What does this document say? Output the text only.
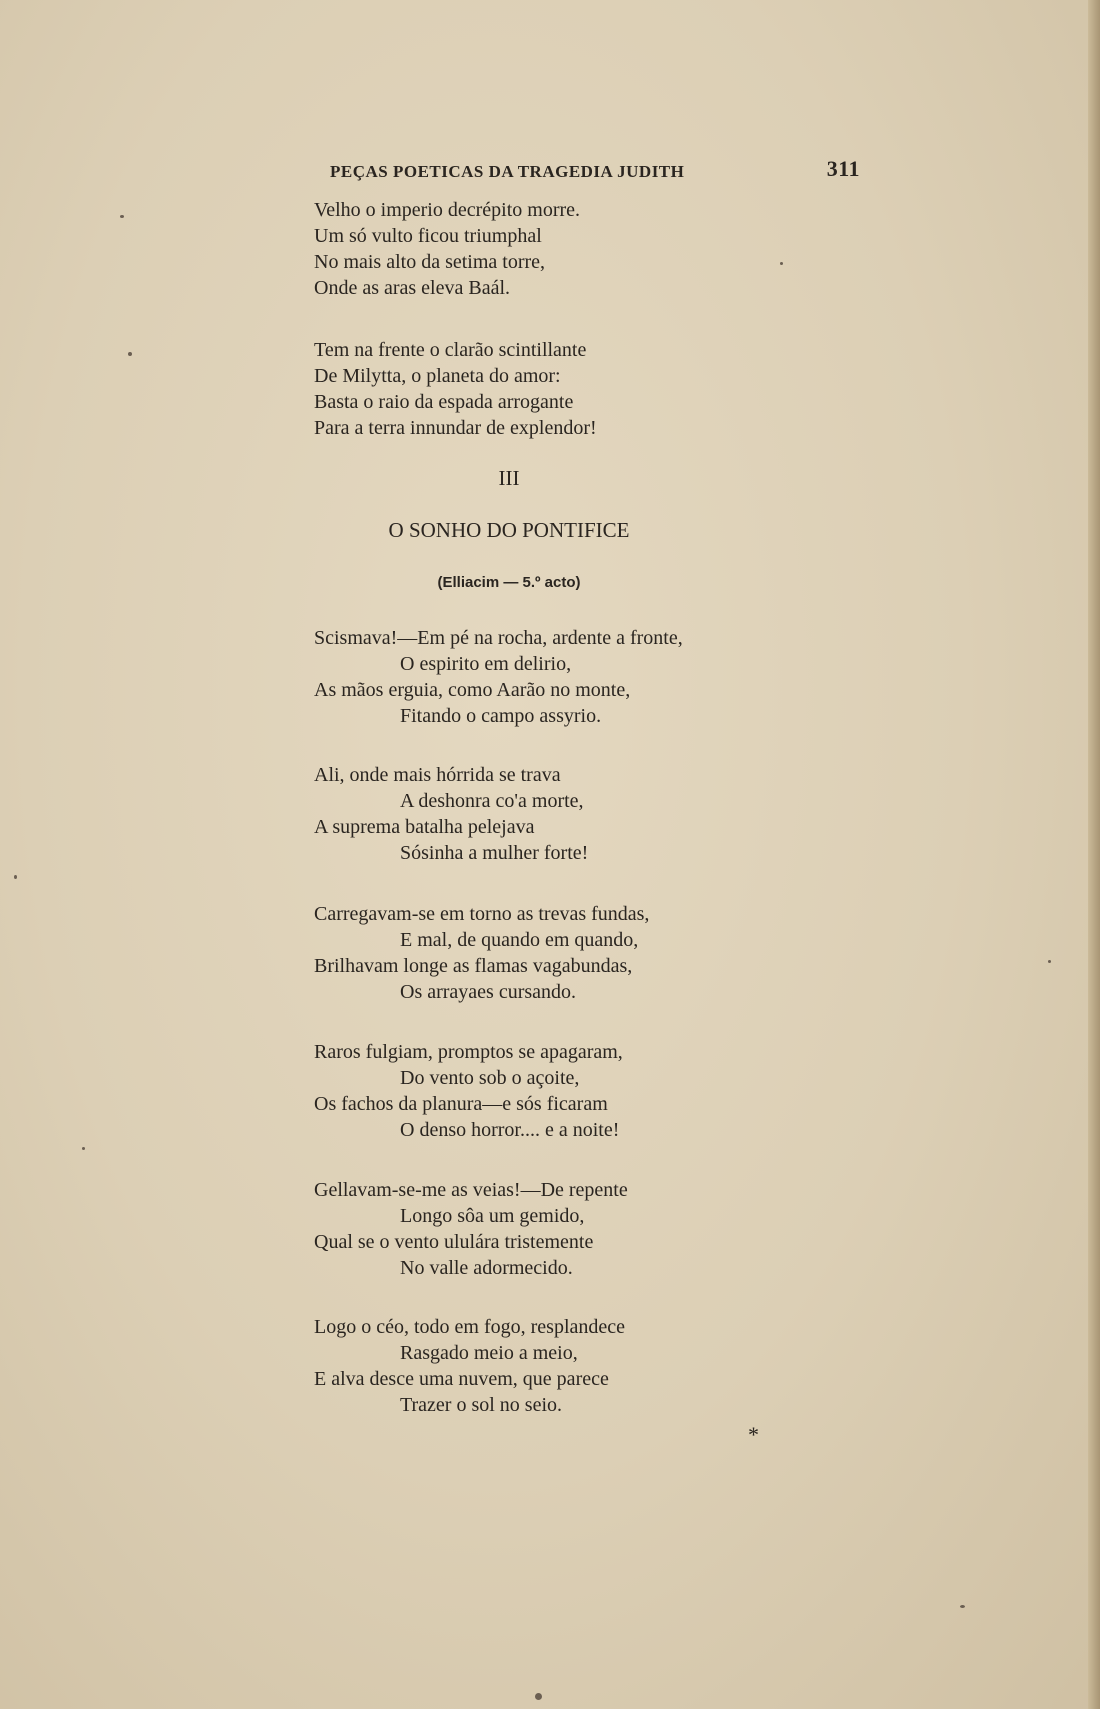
PEÇAS POETICAS DA TRAGEDIA JUDITH	311
Velho o imperio decrépito morre.
Um só vulto ficou triumphal
No mais alto da setima torre,
Onde as aras eleva Baál.
Tem na frente o clarão scintillante
De Milytta, o planeta do amor:
Basta o raio da espada arrogante
Para a terra innundar de explendor!
III
O SONHO DO PONTIFICE
(Elliacim — 5.º acto)
Scismava!—Em pé na rocha, ardente a fronte,
O espirito em delirio,
As mãos erguia, como Aarão no monte,
Fitando o campo assyrio.
Ali, onde mais hórrida se trava
A deshonra co'a morte,
A suprema batalha pelejava
Sósinha a mulher forte!
Carregavam-se em torno as trevas fundas,
E mal, de quando em quando,
Brilhavam longe as flamas vagabundas,
Os arrayaes cursando.
Raros fulgiam, promptos se apagaram,
Do vento sob o açoite,
Os fachos da planura—e sós ficaram
O denso horror.... e a noite!
Gellavam-se-me as veias!—De repente
Longo sôa um gemido,
Qual se o vento ululára tristemente
No valle adormecido.
Logo o céo, todo em fogo, resplandece
Rasgado meio a meio,
E alva desce uma nuvem, que parece
Trazer o sol no seio.
*
